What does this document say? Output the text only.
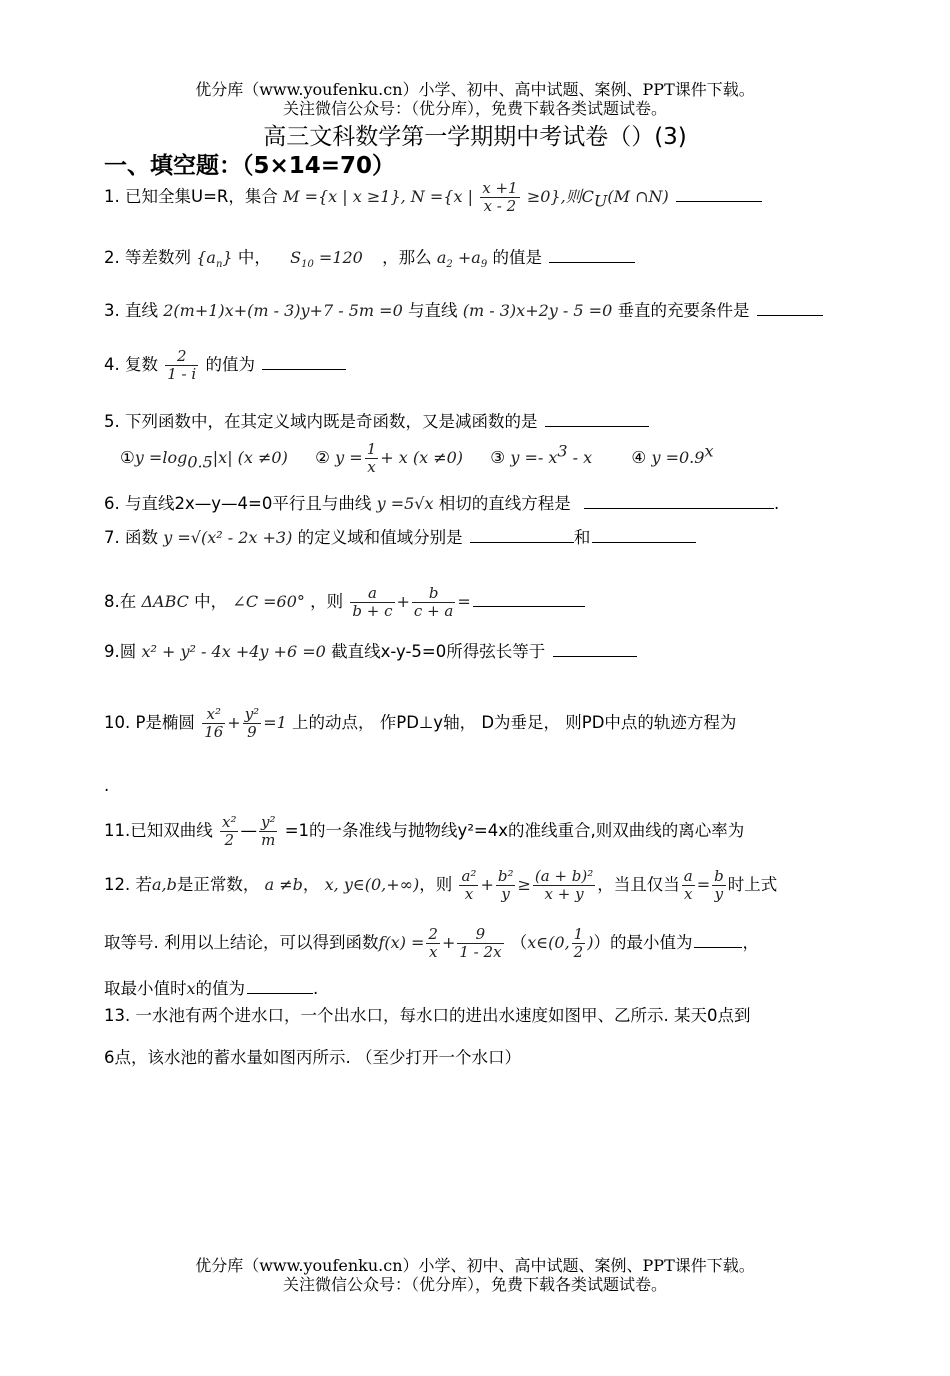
优分库（www.youfenku.cn）小学、初中、高中试题、案例、PPT课件下载。
关注微信公众号：（优分库），免费下载各类试题试卷。
高三文科数学第一学期期中考试卷（）(3)
一、填空题：（5×14=70）
1. 已知全集U=R，集合 M ={x | x ≥1}, N ={x | $\frac{x +1}{x - 2} \ge 0$},则$C_U(M$ ∩N)
2. 等差数列 $\{a_n\}$ 中， $S_{10} =120$ ，那么 $a_2 +a_9$ 的值是
3. 直线 2(m+1)x+(m - 3)y+7 - 5m =0 与直线 (m - 3)x+2y - 5 =0 垂直的充要条件是
4. 复数 $\frac{2}{1 - i}$ 的值为
5. 下列函数中，在其定义域内既是奇函数，又是减函数的是
①y $=\log_{0.5}|x|$ (x ≠0) ② $y = \frac{1}{x} + x$ (x ≠0) ③ $y =- x^3 - x$ ④ $y =0.9^x$
6. 与直线2x—y—4=0平行且与曲线 y =5√x 相切的直线方程是	.
7. 函数 y =√(x² - 2x +3) 的定义域和值域分别是	和
8.在 ΔABC 中， ∠C =60° ，则 $\frac{a}{b + c} + \frac{b}{c + a}$ =
9.圆 x² + y² - 4x +4y +6 =0 截直线x-y-5=0所得弦长等于
10. P是椭圆 $\frac{\text{x²}}{16} + \frac{\text{y²}}{9} =1$ 上的动点， 作PD⊥y轴， D为垂足， 则PD中点的轨迹方程为
.
11.已知双曲线 $\frac{\text{x²}}{2}$ — $\frac{\text{y²}}{m} =1$的一条准线与抛物线y²=4x的准线重合,则双曲线的离心率为
12. 若a,b是正常数， a ≠b， x, y∈(0,+∞)，则 $\frac{\text{a²}}{x} + \frac{\text{b²}}{y} \ge \frac{\text{(a + b)²}}{x + y}$ ，当且仅当 $\frac{a}{x} = \frac{b}{y}$ 时上式
取等号. 利用以上结论，可以得到函数$f(x) = \frac{2}{x} + \frac{9}{1 - 2x}$ （x∈(0, $\frac{1}{2}$ )）的最小值为	，
取最小值时x的值为	.
13. 一水池有两个进水口，一个出水口，每水口的进出水速度如图甲、乙所示. 某天0点到
6点，该水池的蓄水量如图丙所示. （至少打开一个水口）
优分库（www.youfenku.cn）小学、初中、高中试题、案例、PPT课件下载。
关注微信公众号：（优分库），免费下载各类试题试卷。
